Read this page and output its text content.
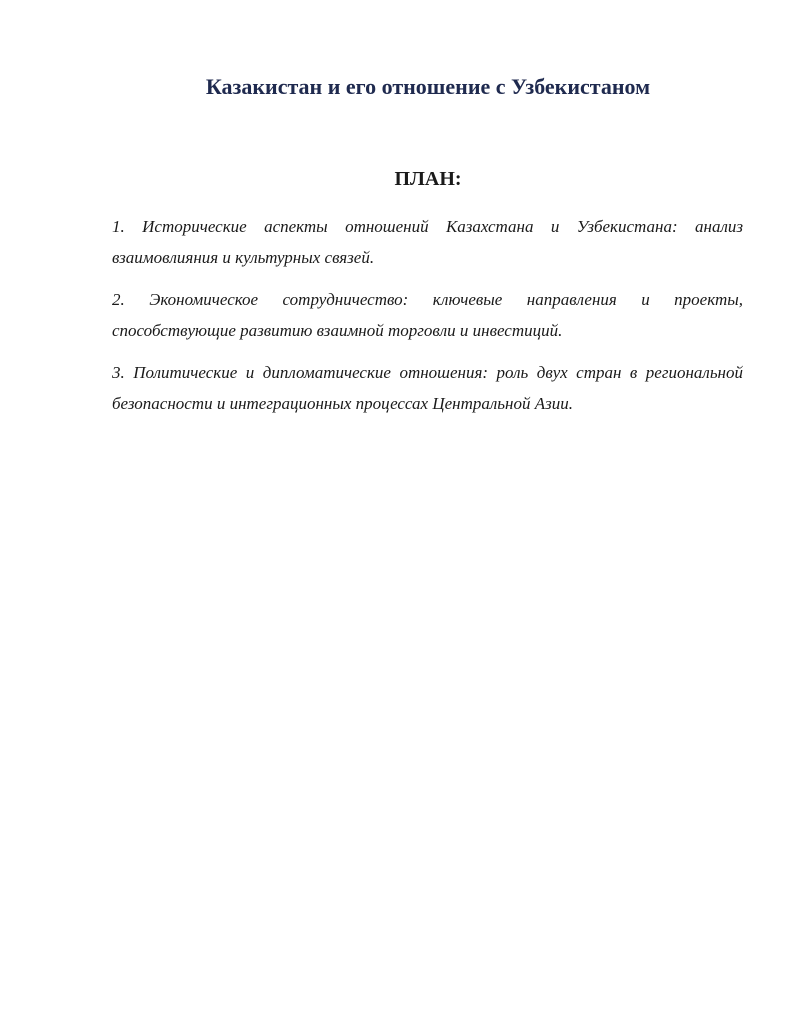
Казакистан и его отношение с Узбекистаном
ПЛАН:
1. Исторические аспекты отношений Казахстана и Узбекистана: анализ взаимовлияния и культурных связей.
2. Экономическое сотрудничество: ключевые направления и проекты, способствующие развитию взаимной торговли и инвестиций.
3. Политические и дипломатические отношения: роль двух стран в региональной безопасности и интеграционных процессах Центральной Азии.
